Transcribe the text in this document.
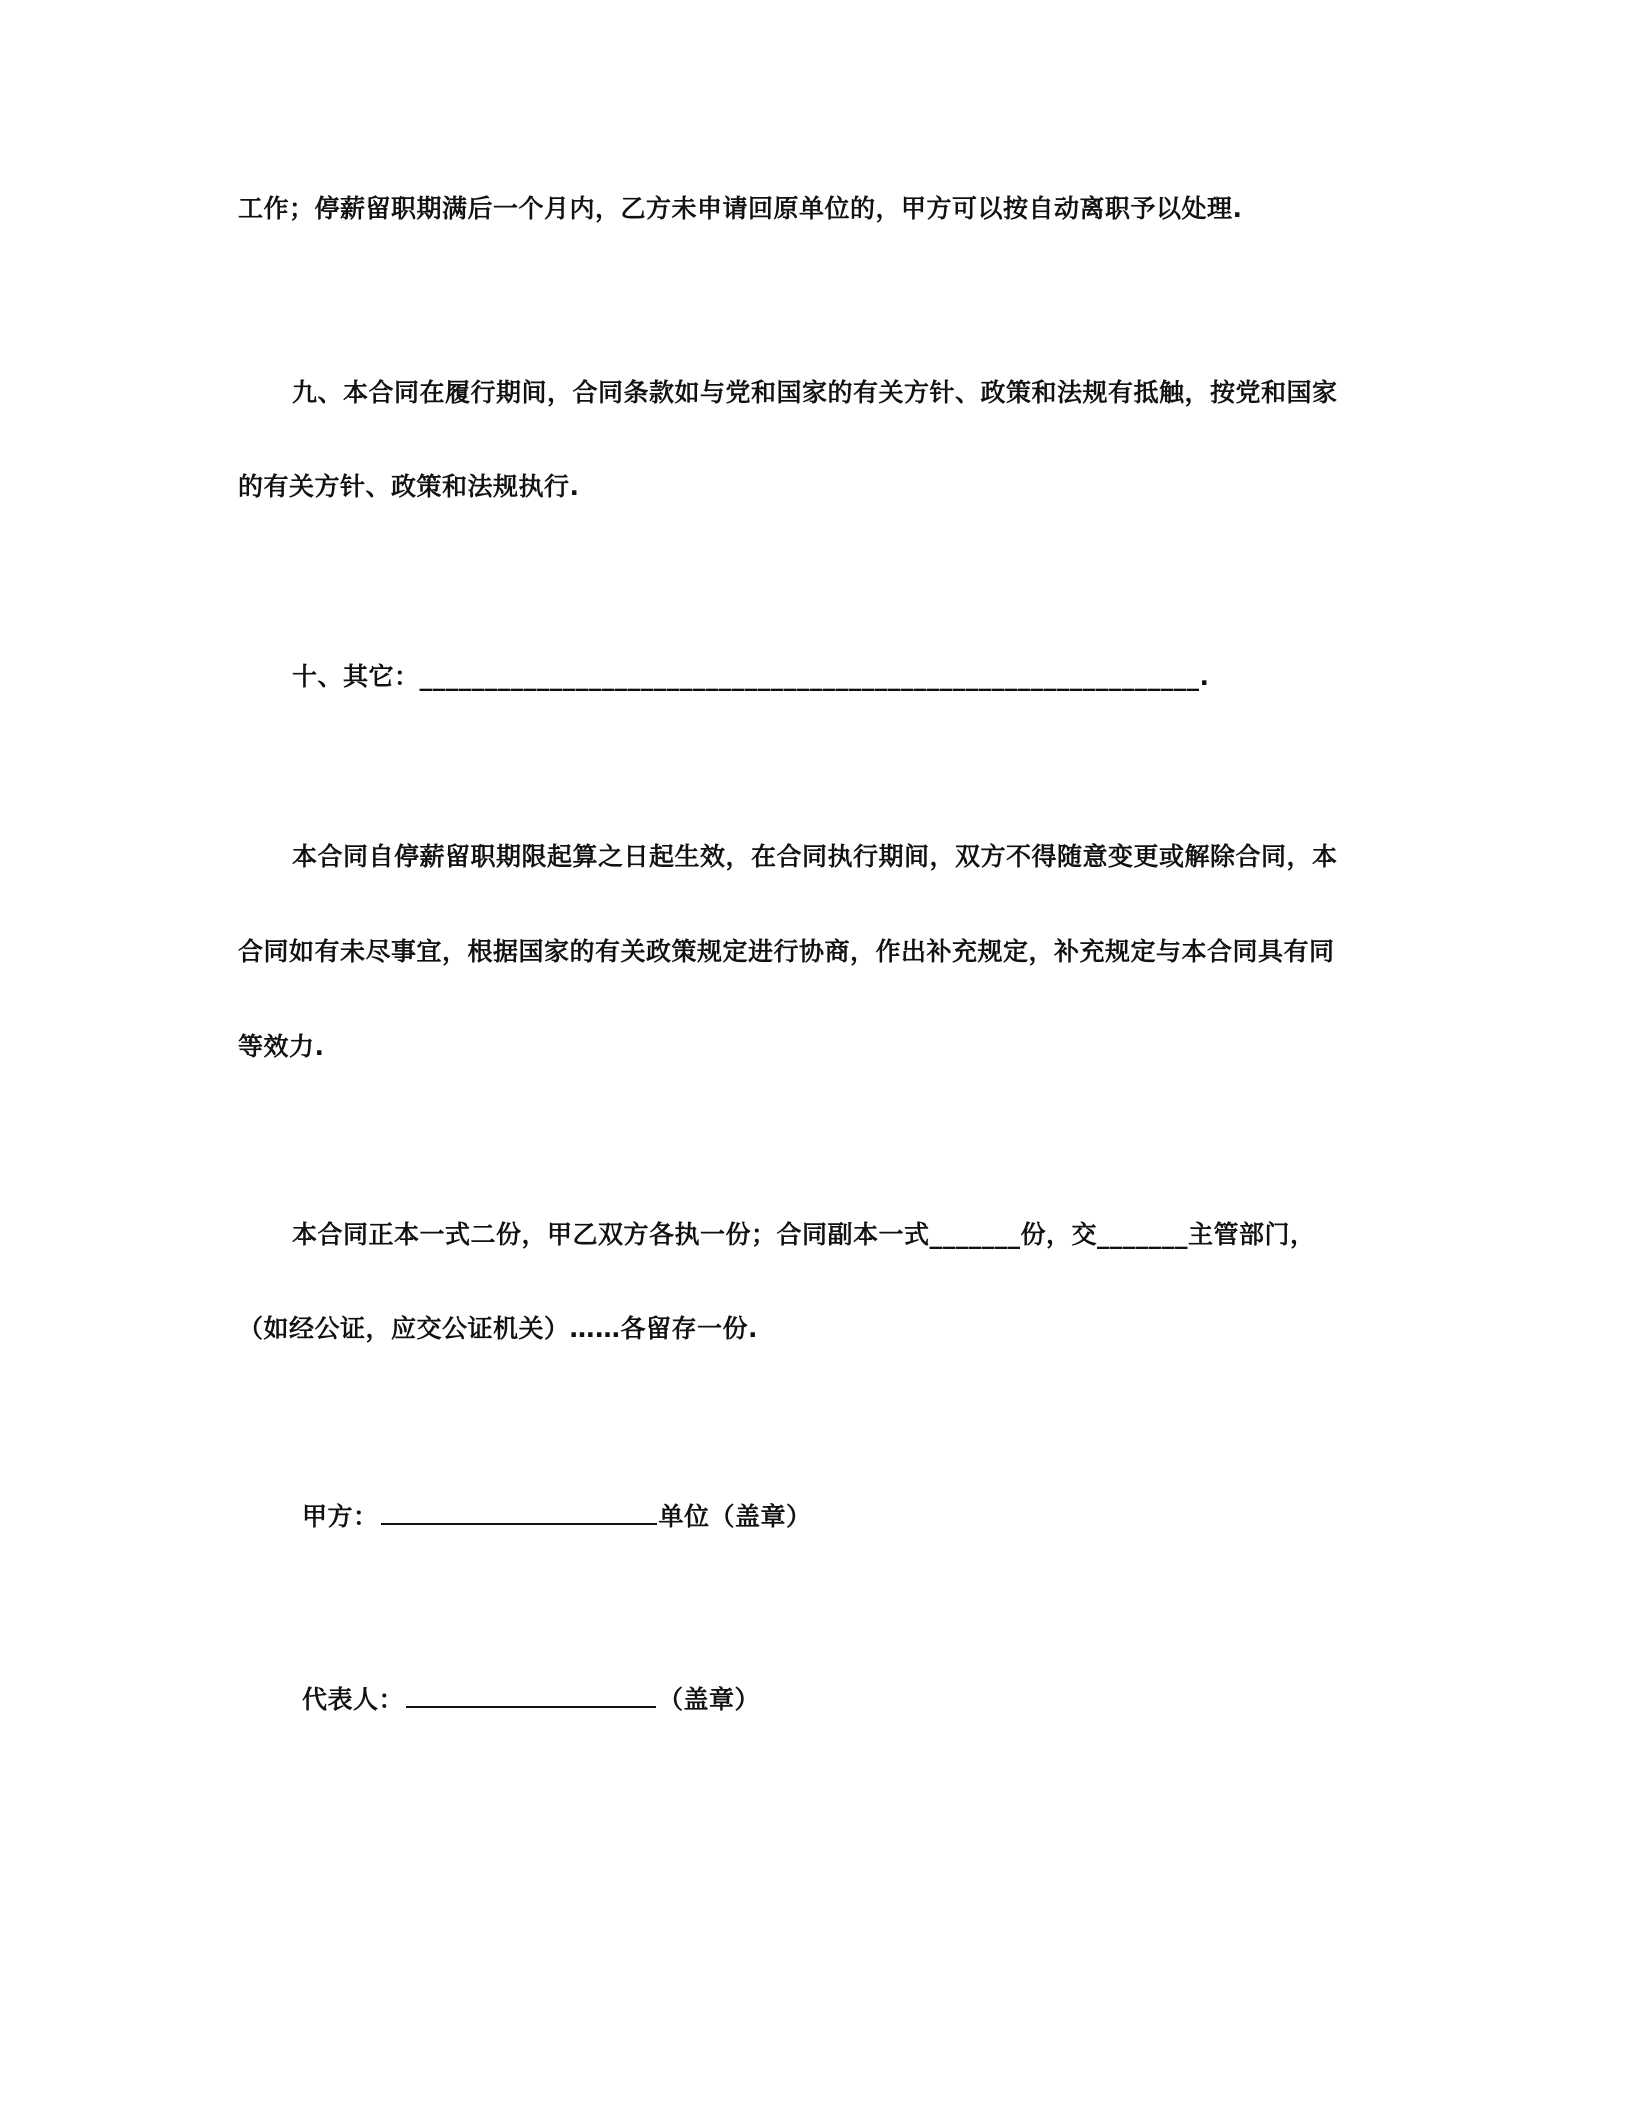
工作；停薪留职期满后一个月内，乙方未申请回原单位的，甲方可以按自动离职予以处理.
九、本合同在履行期间，合同条款如与党和国家的有关方针、政策和法规有抵触，按党和国家
的有关方针、政策和法规执行.
十、其它：____________________________________________________________.
本合同自停薪留职期限起算之日起生效，在合同执行期间，双方不得随意变更或解除合同，本
合同如有未尽事宜，根据国家的有关政策规定进行协商，作出补充规定，补充规定与本合同具有同
等效力.
本合同正本一式二份，甲乙双方各执一份；合同副本一式_______份，交_______主管部门，
（如经公证，应交公证机关）……各留存一份.
甲方：	单位（盖章）
代表人：	（盖章）
